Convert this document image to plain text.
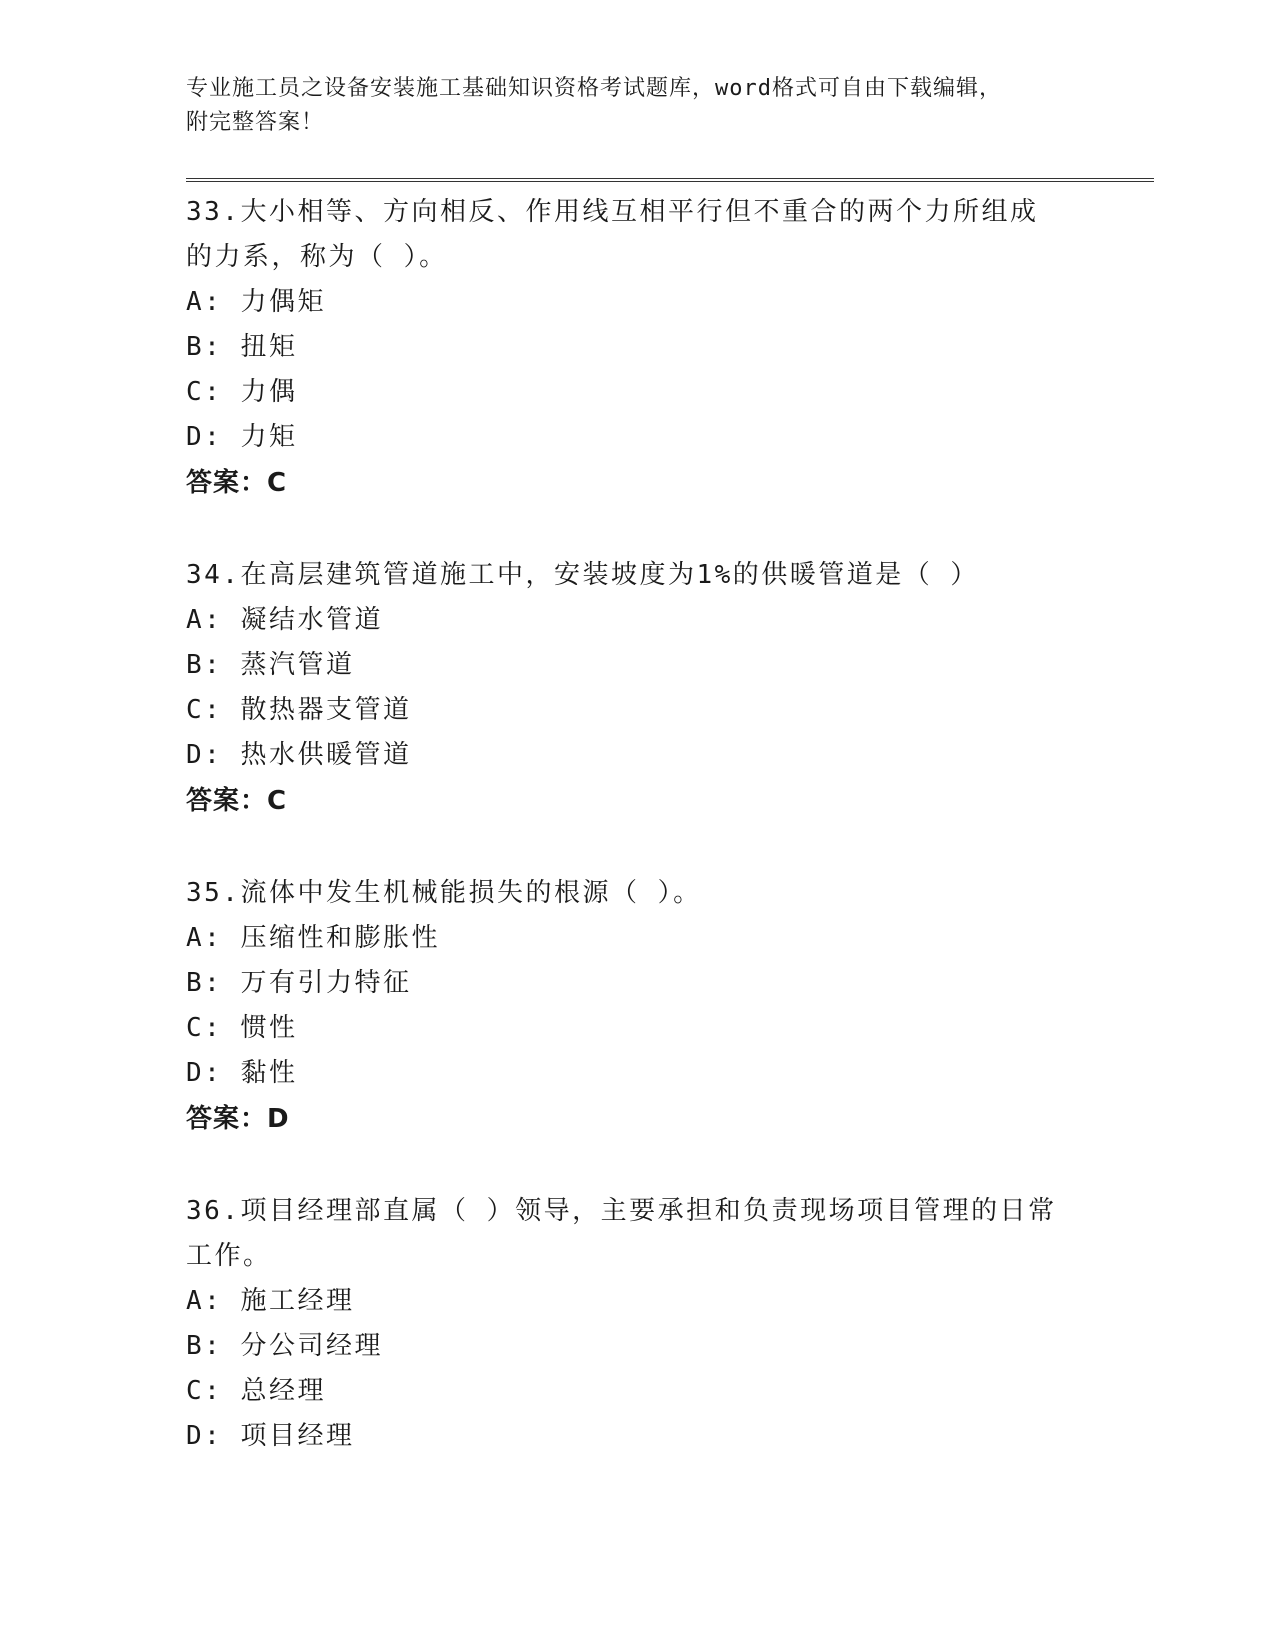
专业施工员之设备安装施工基础知识资格考试题库，word格式可自由下载编辑，
附完整答案！
33.大小相等、方向相反、作用线互相平行但不重合的两个力所组成的力系，称为（ ）。
A: 力偶矩
B: 扭矩
C: 力偶
D: 力矩
答案：C
34.在高层建筑管道施工中，安装坡度为1%的供暖管道是（ ）
A: 凝结水管道
B: 蒸汽管道
C: 散热器支管道
D: 热水供暖管道
答案：C
35.流体中发生机械能损失的根源（ ）。
A: 压缩性和膨胀性
B: 万有引力特征
C: 惯性
D: 黏性
答案：D
36.项目经理部直属（ ）领导，主要承担和负责现场项目管理的日常工作。
A: 施工经理
B: 分公司经理
C: 总经理
D: 项目经理
